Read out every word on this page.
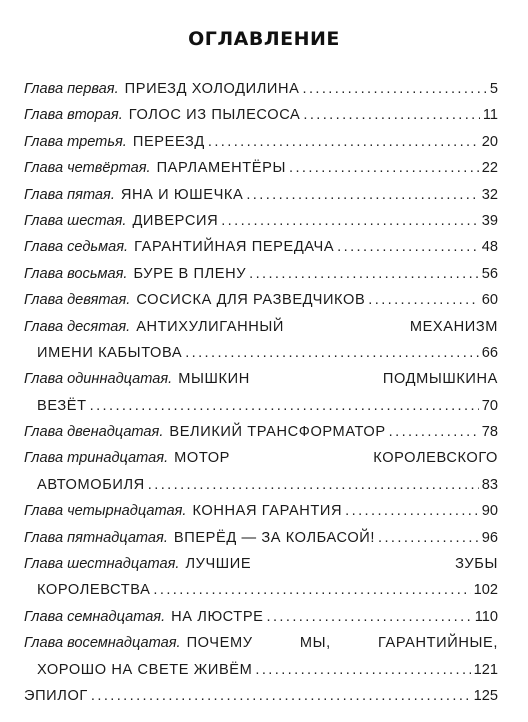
ОГЛАВЛЕНИЕ
Глава первая. ПРИЕЗД ХОЛОДИЛИНА .....	5
Глава вторая. ГОЛОС ИЗ ПЫЛЕСОСА .....	11
Глава третья. ПЕРЕЕЗД .....	20
Глава четвёртая. ПАРЛАМЕНТЁРЫ .....	22
Глава пятая. ЯНА И ЮШЕЧКА .....	32
Глава шестая. ДИВЕРСИЯ .....	39
Глава седьмая. ГАРАНТИЙНАЯ ПЕРЕДАЧА .....	48
Глава восьмая. БУРЕ В ПЛЕНУ .....	56
Глава девятая. СОСИСКА ДЛЯ РАЗВЕДЧИКОВ .....	60
Глава десятая. АНТИХУЛИГАННЫЙ	МЕХАНИЗМ
ИМЕНИ КАБЫТОВА .....	66
Глава одиннадцатая. МЫШКИН	ПОДМЫШКИНА
ВЕЗЁТ .....	70
Глава двенадцатая. ВЕЛИКИЙ ТРАНСФОРМАТОР .....	78
Глава тринадцатая. МОТОР	КОРОЛЕВСКОГО
АВТОМОБИЛЯ .....	83
Глава четырнадцатая. КОННАЯ ГАРАНТИЯ .....	90
Глава пятнадцатая. ВПЕРЁД — ЗА КОЛБАСОЙ! .....	96
Глава шестнадцатая. ЛУЧШИЕ	ЗУБЫ
КОРОЛЕВСТВА .....	102
Глава семнадцатая. НА ЛЮСТРЕ .....	110
Глава восемнадцатая. ПОЧЕМУ	МЫ,	ГАРАНТИЙНЫЕ,
ХОРОШО НА СВЕТЕ ЖИВЁМ .....	121
ЭПИЛОГ .....	125
